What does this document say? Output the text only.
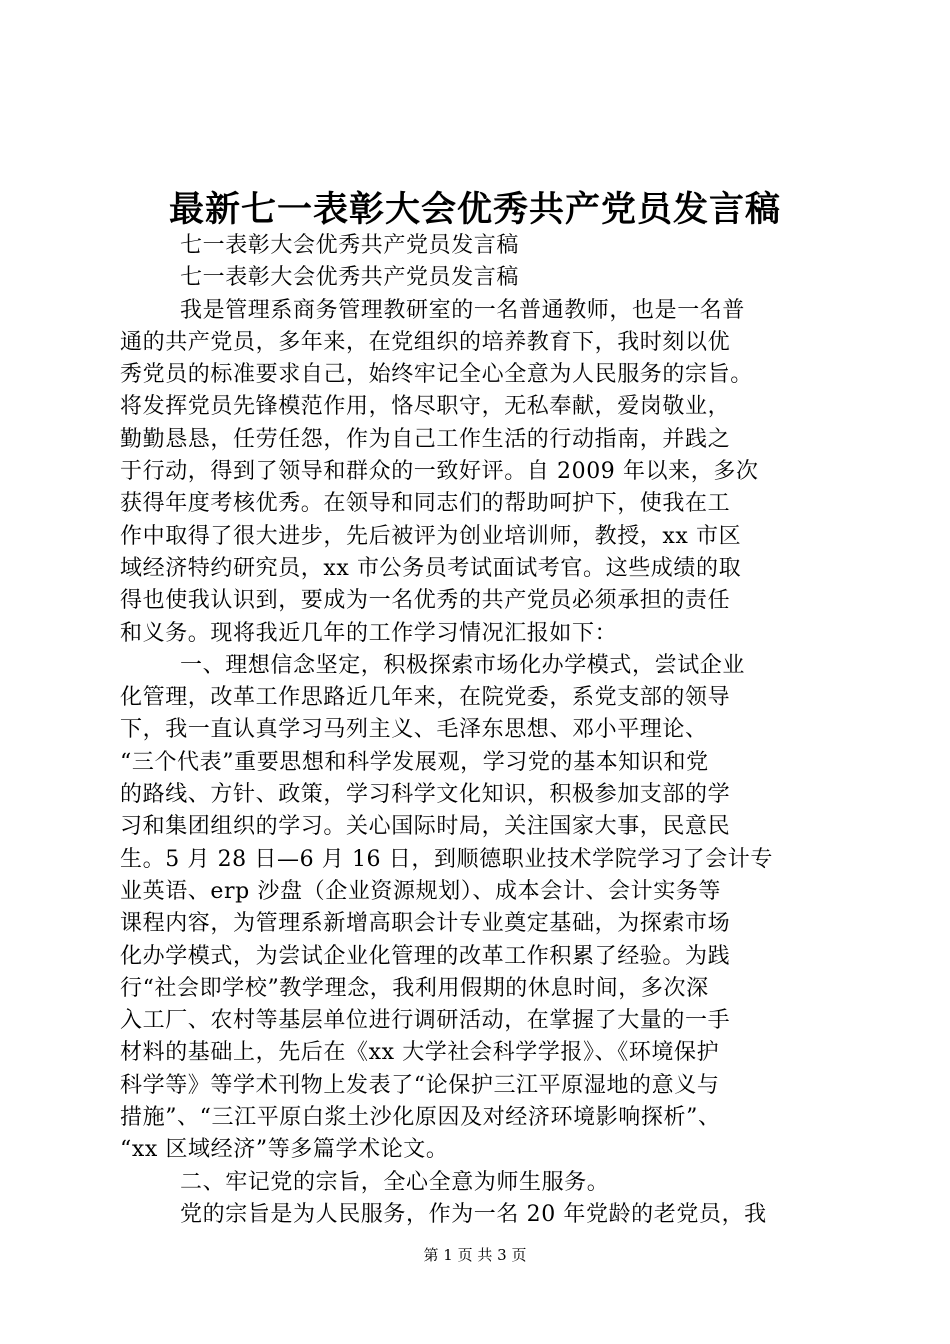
最新七一表彰大会优秀共产党员发言稿
七一表彰大会优秀共产党员发言稿
七一表彰大会优秀共产党员发言稿
我是管理系商务管理教研室的一名普通教师，也是一名普
通的共产党员，多年来，在党组织的培养教育下，我时刻以优
秀党员的标准要求自己，始终牢记全心全意为人民服务的宗旨。
将发挥党员先锋模范作用，恪尽职守，无私奉献，爱岗敬业，
勤勤恳恳，任劳任怨，作为自己工作生活的行动指南，并践之
于行动，得到了领导和群众的一致好评。自 2009 年以来，多次
获得年度考核优秀。在领导和同志们的帮助呵护下，使我在工
作中取得了很大进步，先后被评为创业培训师，教授，xx 市区
域经济特约研究员，xx 市公务员考试面试考官。这些成绩的取
得也使我认识到，要成为一名优秀的共产党员必须承担的责任
和义务。现将我近几年的工作学习情况汇报如下：
一、理想信念坚定，积极探索市场化办学模式，尝试企业
化管理，改革工作思路近几年来，在院党委，系党支部的领导
下，我一直认真学习马列主义、毛泽东思想、邓小平理论、
“三个代表”重要思想和科学发展观，学习党的基本知识和党
的路线、方针、政策，学习科学文化知识，积极参加支部的学
习和集团组织的学习。关心国际时局，关注国家大事，民意民
生。5 月 28 日—6 月 16 日，到顺德职业技术学院学习了会计专
业英语、erp 沙盘（企业资源规划）、成本会计、会计实务等
课程内容，为管理系新增高职会计专业奠定基础，为探索市场
化办学模式，为尝试企业化管理的改革工作积累了经验。为践
行“社会即学校”教学理念，我利用假期的休息时间，多次深
入工厂、农村等基层单位进行调研活动，在掌握了大量的一手
材料的基础上，先后在《xx 大学社会科学学报》、《环境保护
科学等》等学术刊物上发表了“论保护三江平原湿地的意义与
措施”、“三江平原白浆土沙化原因及对经济环境影响探析”、
“xx 区域经济”等多篇学术论文。
二、牢记党的宗旨，全心全意为师生服务。
党的宗旨是为人民服务，作为一名 20 年党龄的老党员，我
第 1 页 共 3 页
